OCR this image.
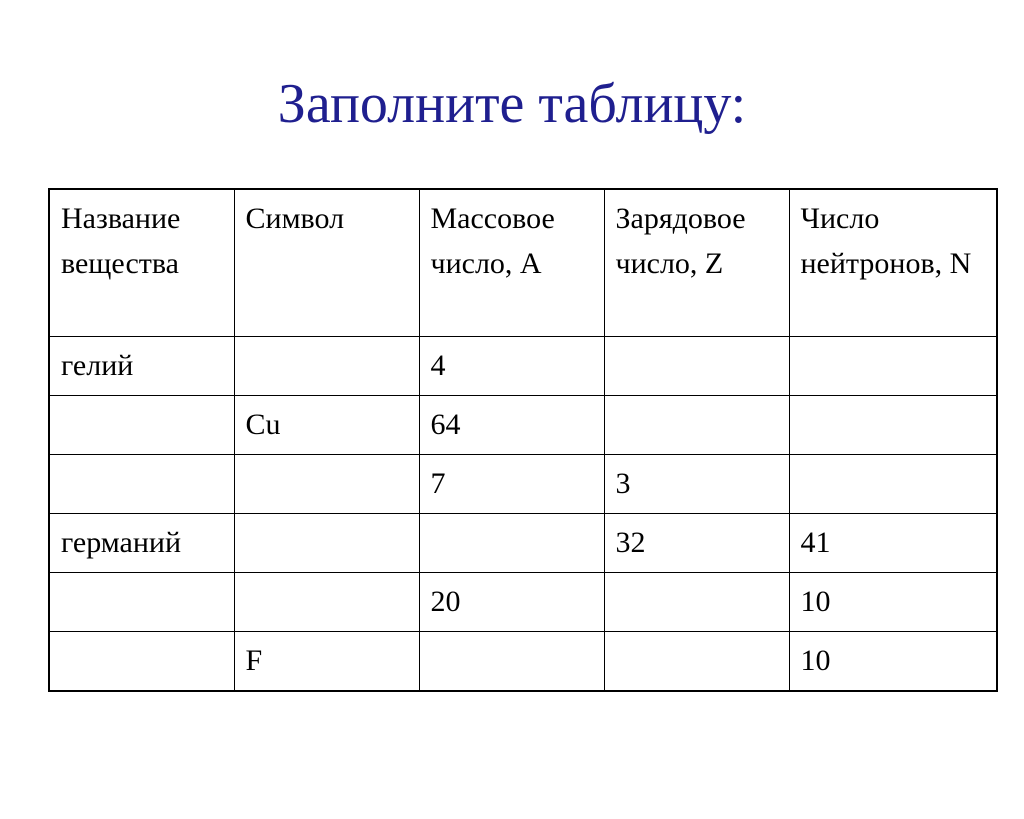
Заполните таблицу:
Название вещества	Символ	Массовое число, А	Зарядовое число, Z	Число нейтронов, N
гелий		4		
	Cu	64		
		7	3	
германий			32	41
		20		10
	F			10
